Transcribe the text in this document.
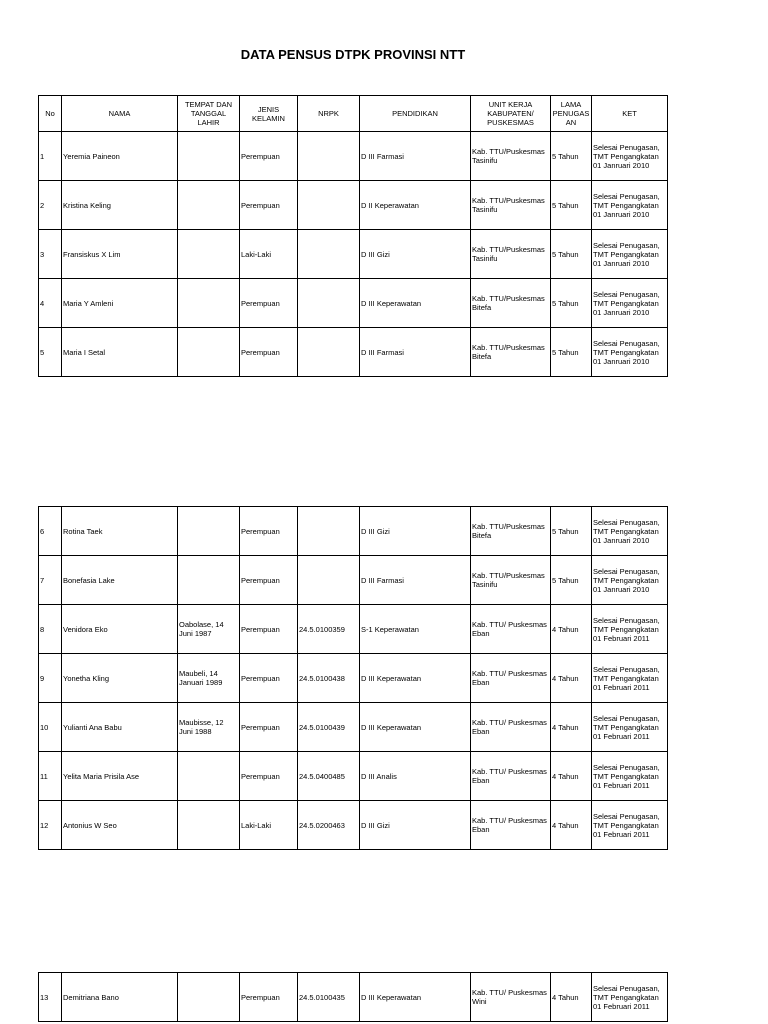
DATA PENSUS DTPK PROVINSI NTT
No	NAMA	TEMPAT DAN TANGGAL LAHIR	JENIS KELAMIN	NRPK	PENDIDIKAN	UNIT KERJA KABUPATEN/ PUSKESMAS	LAMA PENUGAS AN	KET
1	Yeremia Paineon		Perempuan		D III Farmasi	Kab. TTU/Puskesmas Tasinifu	5 Tahun	Selesai Penugasan, TMT Pengangkatan 01 Janruari 2010
2	Kristina Keling		Perempuan		D II Keperawatan	Kab. TTU/Puskesmas Tasinifu	5 Tahun	Selesai Penugasan, TMT Pengangkatan 01 Janruari 2010
3	Fransiskus X Lim		Laki-Laki		D III Gizi	Kab. TTU/Puskesmas Tasinifu	5 Tahun	Selesai Penugasan, TMT Pengangkatan 01 Janruari 2010
4	Maria Y Amleni		Perempuan		D III Keperawatan	Kab. TTU/Puskesmas Bitefa	5 Tahun	Selesai Penugasan, TMT Pengangkatan 01 Janruari 2010
5	Maria I Setal		Perempuan		D III Farmasi	Kab. TTU/Puskesmas Bitefa	5 Tahun	Selesai Penugasan, TMT Pengangkatan 01 Janruari 2010
6	Rotina Taek		Perempuan		D III Gizi	Kab. TTU/Puskesmas Bitefa	5 Tahun	Selesai Penugasan, TMT Pengangkatan 01 Janruari 2010
7	Bonefasia Lake		Perempuan		D III Farmasi	Kab. TTU/Puskesmas Tasinifu	5 Tahun	Selesai Penugasan, TMT Pengangkatan 01 Janruari 2010
8	Venidora Eko	Oabolase, 14 Juni 1987	Perempuan	24.5.0100359	S-1 Keperawatan	Kab. TTU/ Puskesmas Eban	4 Tahun	Selesai Penugasan, TMT Pengangkatan 01 Februari 2011
9	Yonetha Kling	Maubeli, 14 Januari 1989	Perempuan	24.5.0100438	D III Keperawatan	Kab. TTU/ Puskesmas Eban	4 Tahun	Selesai Penugasan, TMT Pengangkatan 01 Februari 2011
10	Yulianti Ana Babu	Maubisse, 12 Juni 1988	Perempuan	24.5.0100439	D III Keperawatan	Kab. TTU/ Puskesmas Eban	4 Tahun	Selesai Penugasan, TMT Pengangkatan 01 Februari 2011
11	Yelita Maria Prisila Ase		Perempuan	24.5.0400485	D III Analis	Kab. TTU/ Puskesmas Eban	4 Tahun	Selesai Penugasan, TMT Pengangkatan 01 Februari 2011
12	Antonius W Seo		Laki-Laki	24.5.0200463	D III Gizi	Kab. TTU/ Puskesmas Eban	4 Tahun	Selesai Penugasan, TMT Pengangkatan 01 Februari 2011
13	Demitriana Bano		Perempuan	24.5.0100435	D III Keperawatan	Kab. TTU/ Puskesmas Wini	4 Tahun	Selesai Penugasan, TMT Pengangkatan 01 Februari 2011
